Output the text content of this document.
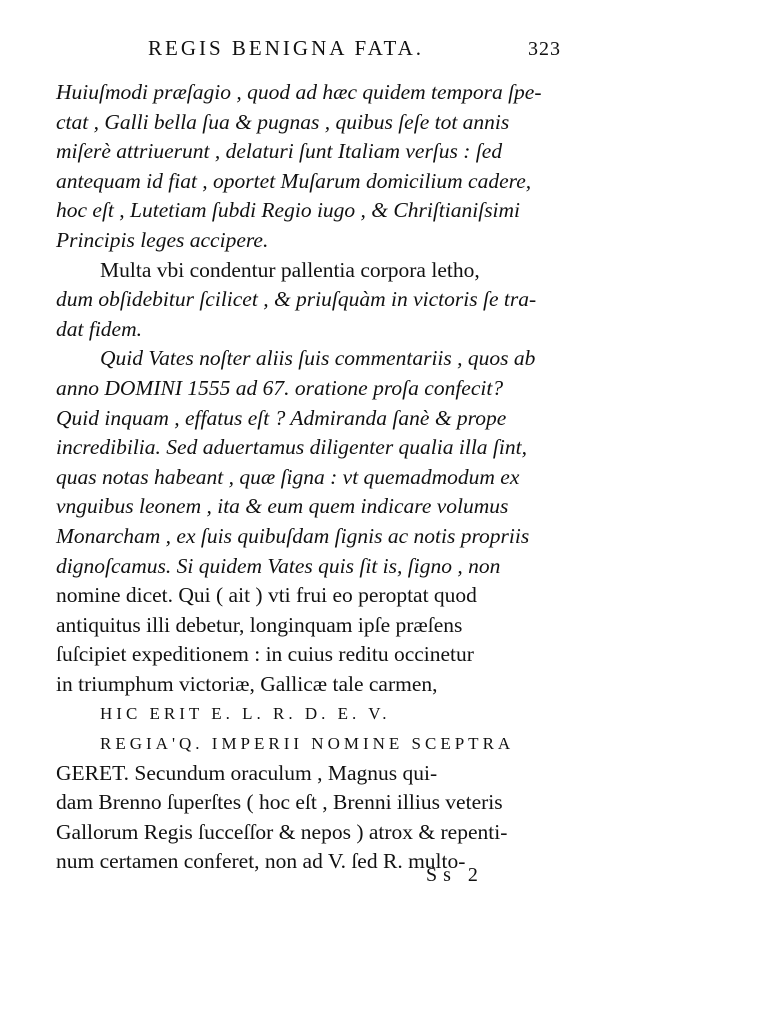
REGIS BENIGNA FATA.	323
Huiuſmodi præſagio , quod ad hæc quidem tempora ſpe-
ctat , Galli bella ſua & pugnas , quibus ſeſe tot annis
miſerè attriuerunt , delaturi ſunt Italiam verſus : ſed
antequam id fiat , oportet Muſarum domicilium cadere,
hoc eſt , Lutetiam ſubdi Regio iugo , & Chriſtianiſsimi
Principis leges accipere.
Multa vbi condentur pallentia corpora letho,
dum obſidebitur ſcilicet , & priuſquàm in victoris ſe tra-
dat fidem.
Quid Vates noſter aliis ſuis commentariis , quos ab
anno DOMINI 1555 ad 67. oratione proſa confecit?
Quid inquam , effatus eſt ? Admiranda ſanè & prope
incredibilia. Sed aduertamus diligenter qualia illa ſint,
quas notas habeant , quæ ſigna : vt quemadmodum ex
vnguibus leonem , ita & eum quem indicare volumus
Monarcham , ex ſuis quibuſdam ſignis ac notis propriis
dignoſcamus. Si quidem Vates quis ſit is, ſigno , non
nomine dicet. Qui ( ait ) vti frui eo peroptat quod
antiquitus illi debetur, longinquam ipſe præſens
ſuſcipiet expeditionem : in cuius reditu occinetur
in triumphum victoriæ, Gallicæ tale carmen,
HIC ERIT E. L. R. D. E. V.
REGIA'Q. IMPERII NOMINE SCEPTRA
GERET. Secundum oraculum , Magnus qui-
dam Brenno ſuperſtes ( hoc eſt , Brenni illius veteris
Gallorum Regis ſucceſſor & nepos ) atrox & repenti-
num certamen conferet, non ad V. ſed R. multo-
Ss 2
